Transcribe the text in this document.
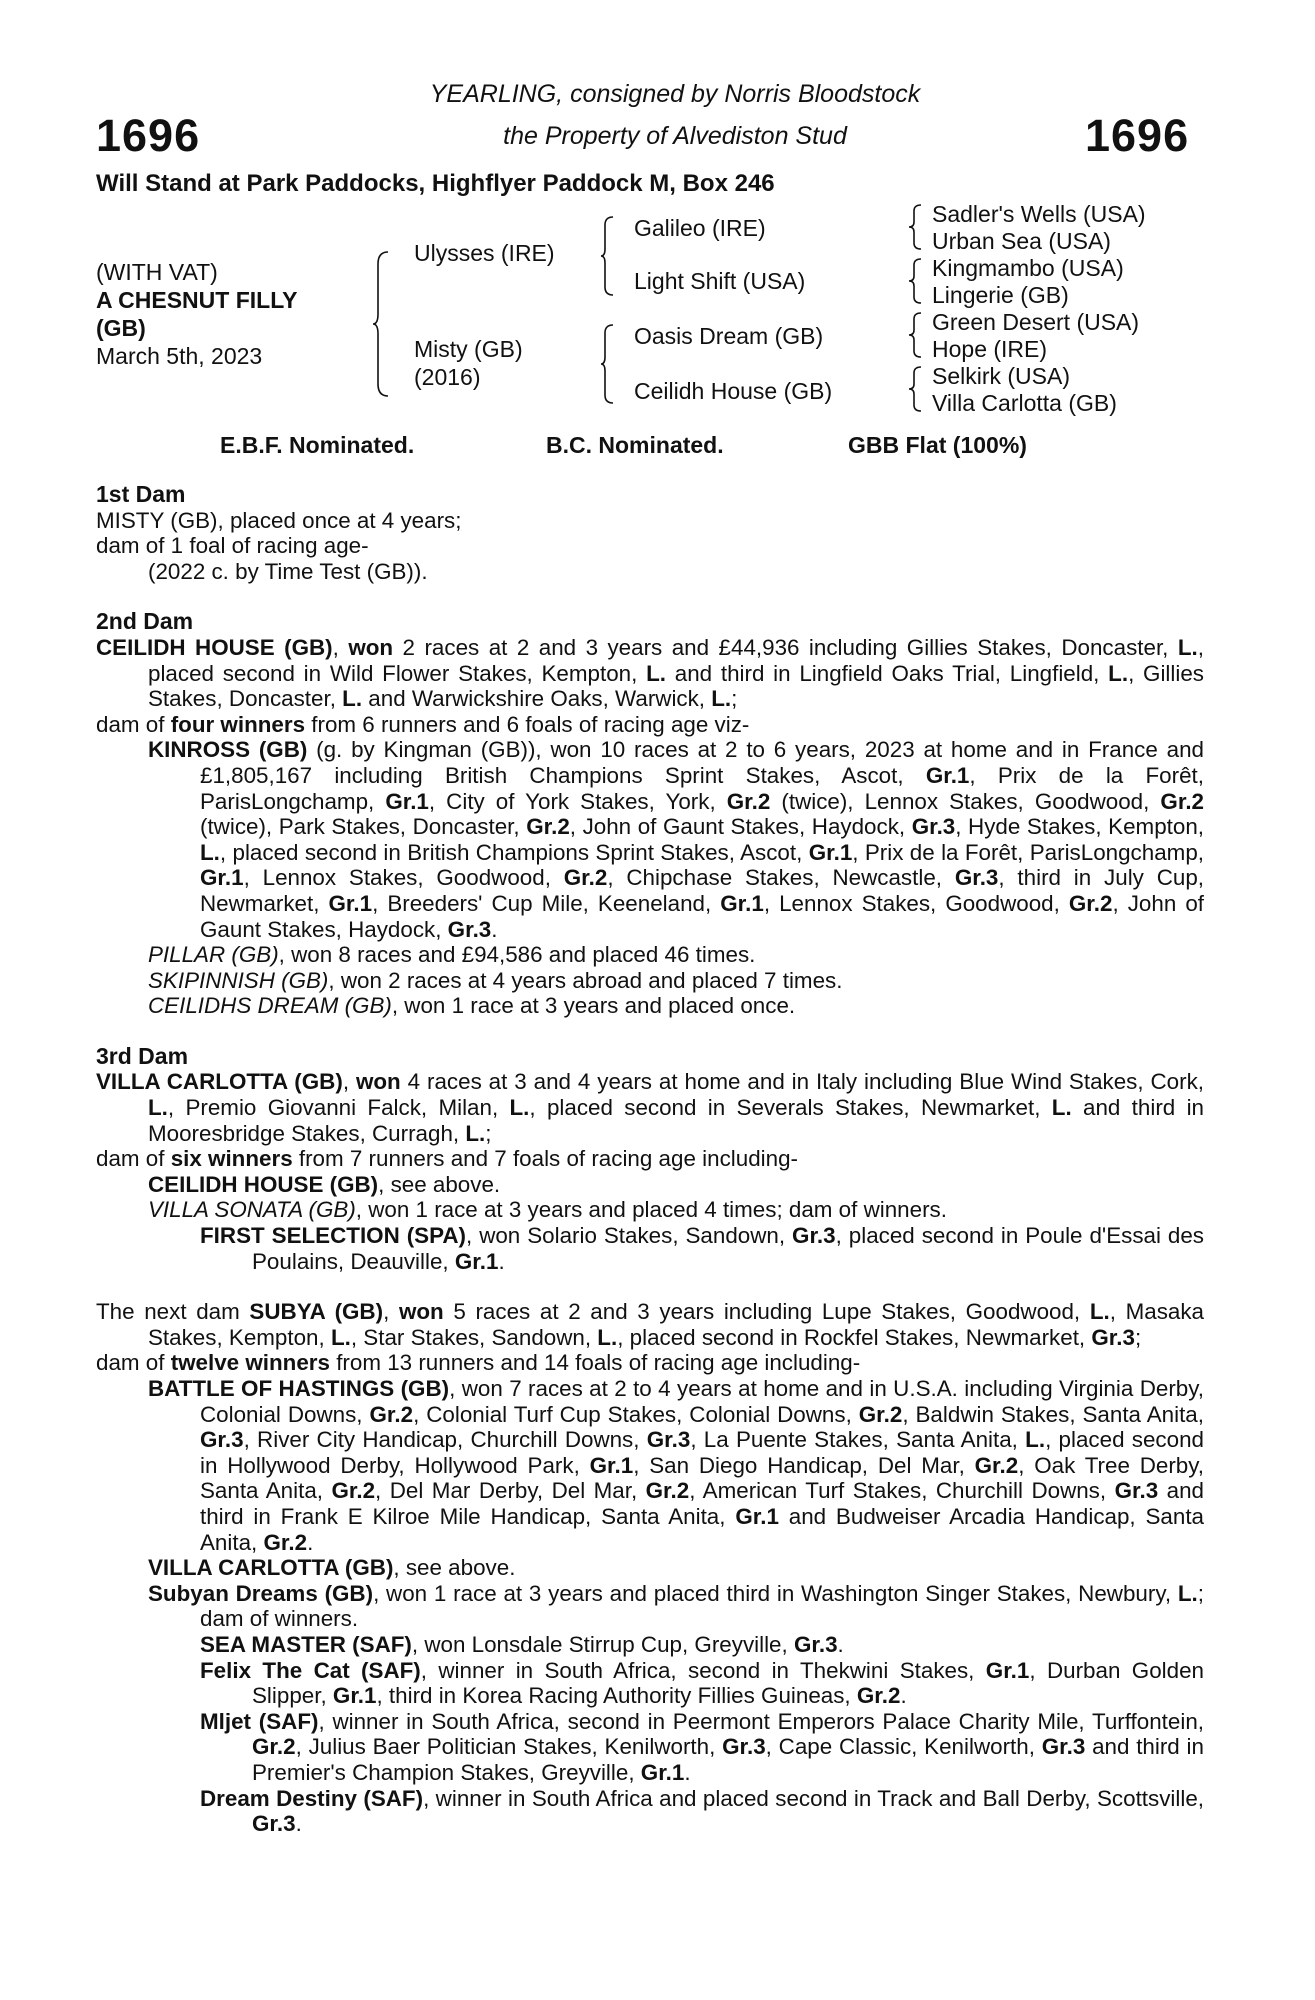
1696	1696
YEARLING, consigned by Norris Bloodstock
the Property of Alvediston Stud
Will Stand at Park Paddocks, Highflyer Paddock M, Box 246
(WITH VAT)
A CHESNUT FILLY
(GB)
March 5th, 2023
Ulysses (IRE)
Misty (GB)
(2016)
Galileo (IRE)
Light Shift (USA)
Oasis Dream (GB)
Ceilidh House (GB)
Sadler's Wells (USA)
Urban Sea (USA)
Kingmambo (USA)
Lingerie (GB)
Green Desert (USA)
Hope (IRE)
Selkirk (USA)
Villa Carlotta (GB)
E.B.F. Nominated.	B.C. Nominated.	GBB Flat (100%)

1st Dam

MISTY (GB), placed once at 4 years;

dam of 1 foal of racing age-

(2022 c. by Time Test (GB)).

2nd Dam

CEILIDH HOUSE (GB), won 2 races at 2 and 3 years and £44,936 including Gillies Stakes, Doncaster, L., placed second in Wild Flower Stakes, Kempton, L. and third in Lingfield Oaks Trial, Lingfield, L., Gillies Stakes, Doncaster, L. and Warwickshire Oaks, Warwick, L.;

dam of four winners from 6 runners and 6 foals of racing age viz-

KINROSS (GB) (g. by Kingman (GB)), won 10 races at 2 to 6 years, 2023 at home and in France and £1,805,167 including British Champions Sprint Stakes, Ascot, Gr.1, Prix de la Forêt, ParisLongchamp, Gr.1, City of York Stakes, York, Gr.2 (twice), Lennox Stakes, Goodwood, Gr.2 (twice), Park Stakes, Doncaster, Gr.2, John of Gaunt Stakes, Haydock, Gr.3, Hyde Stakes, Kempton, L., placed second in British Champions Sprint Stakes, Ascot, Gr.1, Prix de la Forêt, ParisLongchamp, Gr.1, Lennox Stakes, Goodwood, Gr.2, Chipchase Stakes, Newcastle, Gr.3, third in July Cup, Newmarket, Gr.1, Breeders' Cup Mile, Keeneland, Gr.1, Lennox Stakes, Goodwood, Gr.2, John of Gaunt Stakes, Haydock, Gr.3.

PILLAR (GB), won 8 races and £94,586 and placed 46 times.

SKIPINNISH (GB), won 2 races at 4 years abroad and placed 7 times.

CEILIDHS DREAM (GB), won 1 race at 3 years and placed once.

3rd Dam

VILLA CARLOTTA (GB), won 4 races at 3 and 4 years at home and in Italy including Blue Wind Stakes, Cork, L., Premio Giovanni Falck, Milan, L., placed second in Severals Stakes, Newmarket, L. and third in Mooresbridge Stakes, Curragh, L.;

dam of six winners from 7 runners and 7 foals of racing age including-

CEILIDH HOUSE (GB), see above.

VILLA SONATA (GB), won 1 race at 3 years and placed 4 times; dam of winners.

FIRST SELECTION (SPA), won Solario Stakes, Sandown, Gr.3, placed second in Poule d'Essai des Poulains, Deauville, Gr.1.

The next dam SUBYA (GB), won 5 races at 2 and 3 years including Lupe Stakes, Goodwood, L., Masaka Stakes, Kempton, L., Star Stakes, Sandown, L., placed second in Rockfel Stakes, Newmarket, Gr.3;

dam of twelve winners from 13 runners and 14 foals of racing age including-

BATTLE OF HASTINGS (GB), won 7 races at 2 to 4 years at home and in U.S.A. including Virginia Derby, Colonial Downs, Gr.2, Colonial Turf Cup Stakes, Colonial Downs, Gr.2, Baldwin Stakes, Santa Anita, Gr.3, River City Handicap, Churchill Downs, Gr.3, La Puente Stakes, Santa Anita, L., placed second in Hollywood Derby, Hollywood Park, Gr.1, San Diego Handicap, Del Mar, Gr.2, Oak Tree Derby, Santa Anita, Gr.2, Del Mar Derby, Del Mar, Gr.2, American Turf Stakes, Churchill Downs, Gr.3 and third in Frank E Kilroe Mile Handicap, Santa Anita, Gr.1 and Budweiser Arcadia Handicap, Santa Anita, Gr.2.

VILLA CARLOTTA (GB), see above.

Subyan Dreams (GB), won 1 race at 3 years and placed third in Washington Singer Stakes, Newbury, L.; dam of winners.

SEA MASTER (SAF), won Lonsdale Stirrup Cup, Greyville, Gr.3.

Felix The Cat (SAF), winner in South Africa, second in Thekwini Stakes, Gr.1, Durban Golden Slipper, Gr.1, third in Korea Racing Authority Fillies Guineas, Gr.2.

Mljet (SAF), winner in South Africa, second in Peermont Emperors Palace Charity Mile, Turffontein, Gr.2, Julius Baer Politician Stakes, Kenilworth, Gr.3, Cape Classic, Kenilworth, Gr.3 and third in Premier's Champion Stakes, Greyville, Gr.1.

Dream Destiny (SAF), winner in South Africa and placed second in Track and Ball Derby, Scottsville, Gr.3.
